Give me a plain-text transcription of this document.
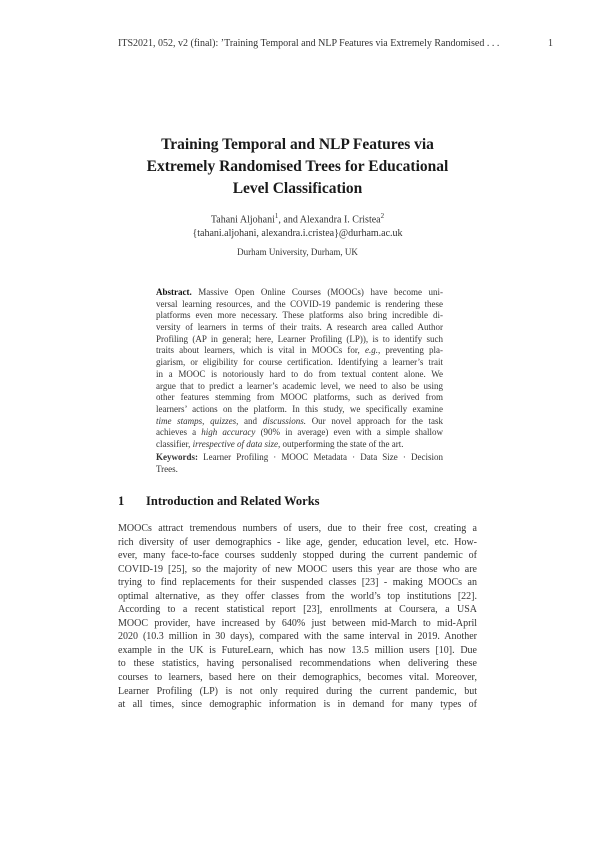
ITS2021, 052, v2 (final): ’Training Temporal and NLP Features via Extremely Randomised . . .	1
Training Temporal and NLP Features via
Extremely Randomised Trees for Educational
Level Classification
Tahani Aljohani$^1$, and Alexandra I. Cristea$^2$
{tahani.aljohani, alexandra.i.cristea}@durham.ac.uk
Durham University, Durham, UK
Abstract. Massive Open Online Courses (MOOCs) have become uni-
versal learning resources, and the COVID-19 pandemic is rendering these
platforms even more necessary. These platforms also bring incredible di-
versity of learners in terms of their traits. A research area called Author
Profiling (AP in general; here, Learner Profiling (LP)), is to identify such
traits about learners, which is vital in MOOCs for, e.g., preventing pla-
giarism, or eligibility for course certification. Identifying a learner’s trait
in a MOOC is notoriously hard to do from textual content alone. We
argue that to predict a learner’s academic level, we need to also be using
other features stemming from MOOC platforms, such as derived from
learners’ actions on the platform. In this study, we specifically examine
time stamps, quizzes, and discussions. Our novel approach for the task
achieves a high accuracy (90% in average) even with a simple shallow
classifier, irrespective of data size, outperforming the state of the art.
Keywords: Learner Profiling · MOOC Metadata · Data Size · Decision
Trees.
1 Introduction and Related Works
MOOCs attract tremendous numbers of users, due to their free cost, creating a
rich diversity of user demographics - like age, gender, education level, etc. How-
ever, many face-to-face courses suddenly stopped during the current pandemic of
COVID-19 [25], so the majority of new MOOC users this year are those who are
trying to find replacements for their suspended classes [23] - making MOOCs an
optimal alternative, as they offer classes from the world’s top institutions [22].
According to a recent statistical report [23], enrollments at Coursera, a USA
MOOC provider, have increased by 640% just between mid-March to mid-April
2020 (10.3 million in 30 days), compared with the same interval in 2019. Another
example in the UK is FutureLearn, which has now 13.5 million users [10]. Due
to these statistics, having personalised recommendations when delivering these
courses to learners, based here on their demographics, becomes vital. Moreover,
Learner Profiling (LP) is not only required during the current pandemic, but
at all times, since demographic information is in demand for many types of
